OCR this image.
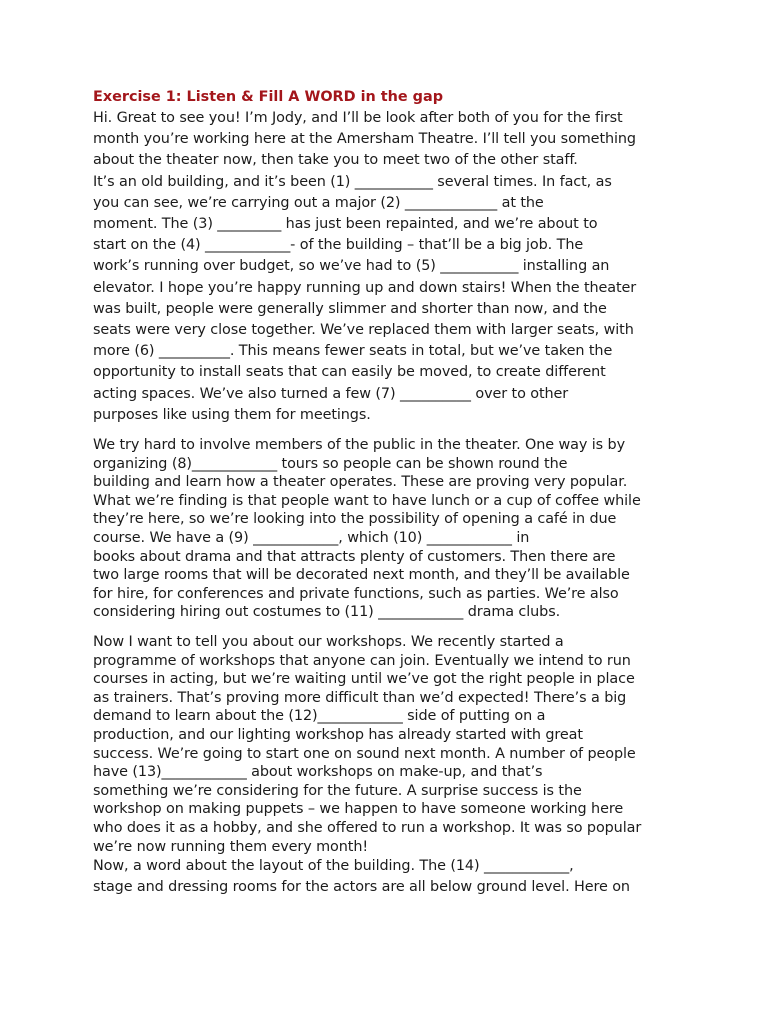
Exercise 1: Listen & Fill A WORD in the gap
Hi. Great to see you! I’m Jody, and I’ll be look after both of you for the first
month you’re working here at the Amersham Theatre. I’ll tell you something
about the theater now, then take you to meet two of the other staff.
It’s an old building, and it’s been (1) ___________ several times. In fact, as
you can see, we’re carrying out a major (2) _____________ at the
moment. The (3) _________ has just been repainted, and we’re about to
start on the (4) ____________- of the building – that’ll be a big job. The
work’s running over budget, so we’ve had to (5) ___________ installing an
elevator. I hope you’re happy running up and down stairs! When the theater
was built, people were generally slimmer and shorter than now, and the
seats were very close together. We’ve replaced them with larger seats, with
more (6) __________. This means fewer seats in total, but we’ve taken the
opportunity to install seats that can easily be moved, to create different
acting spaces. We’ve also turned a few (7) __________ over to other
purposes like using them for meetings.
We try hard to involve members of the public in the theater. One way is by
organizing (8)____________ tours so people can be shown round the
building and learn how a theater operates. These are proving very popular.
What we’re finding is that people want to have lunch or a cup of coffee while
they’re here, so we’re looking into the possibility of opening a café in due
course. We have a (9) ____________, which (10) ____________ in
books about drama and that attracts plenty of customers. Then there are
two large rooms that will be decorated next month, and they’ll be available
for hire, for conferences and private functions, such as parties. We’re also
considering hiring out costumes to (11) ____________ drama clubs.
Now I want to tell you about our workshops. We recently started a
programme of workshops that anyone can join. Eventually we intend to run
courses in acting, but we’re waiting until we’ve got the right people in place
as trainers. That’s proving more difficult than we’d expected! There’s a big
demand to learn about the (12)____________ side of putting on a
production, and our lighting workshop has already started with great
success. We’re going to start one on sound next month. A number of people
have (13)____________ about workshops on make-up, and that’s
something we’re considering for the future. A surprise success is the
workshop on making puppets – we happen to have someone working here
who does it as a hobby, and she offered to run a workshop. It was so popular
we’re now running them every month!
Now, a word about the layout of the building. The (14) ____________,
stage and dressing rooms for the actors are all below ground level. Here on
